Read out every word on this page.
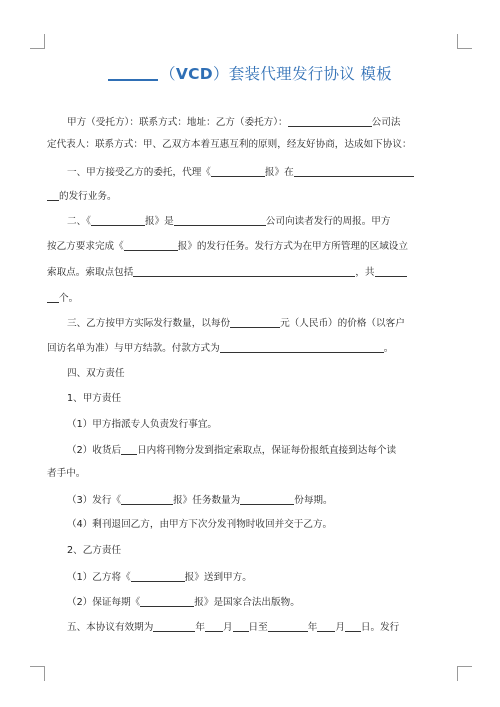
（VCD）套装代理发行协议 模板
甲方（受托方）：联系方式：地址：乙方（委托方）：	公司法
定代表人：联系方式：甲、乙双方本着互惠互利的原则，经友好协商，达成如下协议：
一、甲方接受乙方的委托，代理《	报》在
的发行业务。
二、《	报》是	公司向读者发行的周报。甲方
按乙方要求完成《	报》的发行任务。发行方式为在甲方所管理的区域设立
索取点。索取点包括	，共
个。
三、乙方按甲方实际发行数量，以每份	元（人民币）的价格（以客户
回访名单为准）与甲方结款。付款方式为	。
四、双方责任
1、甲方责任
（1）甲方指派专人负责发行事宜。
（2）收货后 日内将刊物分发到指定索取点，保证每份报纸直接到达每个读
者手中。
（3）发行《	报》任务数量为	份每期。
（4）剩刊退回乙方，由甲方下次分发刊物时收回并交于乙方。
2、乙方责任
（1）乙方将《	报》送到甲方。
（2）保证每期《	报》是国家合法出版物。
五、本协议有效期为	年 月 日至	年 月 日。发行
